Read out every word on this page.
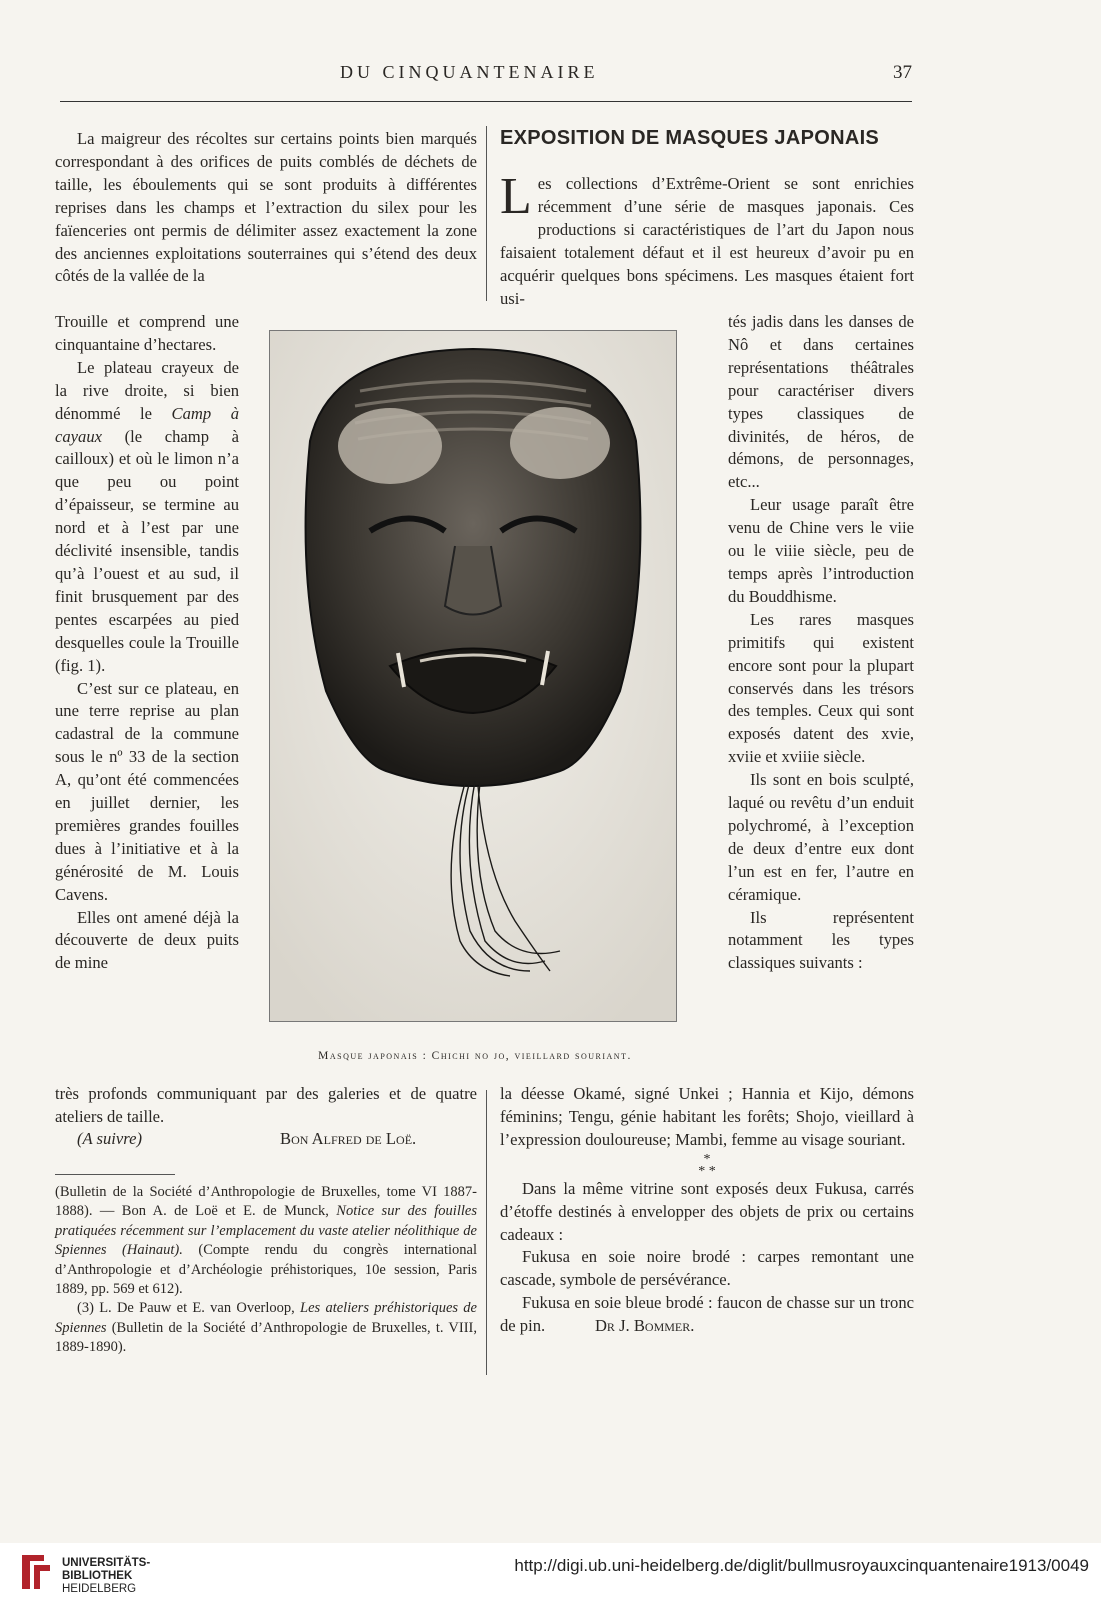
DU CINQUANTENAIRE	37

La maigreur des récoltes sur certains points bien marqués correspondant à des orifices de puits comblés de déchets de taille, les éboulements qui se sont produits à différentes reprises dans les champs et l’extraction du silex pour les faïenceries ont permis de délimiter assez exactement la zone des anciennes exploitations souterraines qui s’étend des deux côtés de la vallée de la

Trouille et comprend une cinquantaine d’hectares.

Le plateau crayeux de la rive droite, si bien dénommé le Camp à cayaux (le champ à cailloux) et où le limon n’a que peu ou point d’épaisseur, se termine au nord et à l’est par une déclivité insensible, tandis qu’à l’ouest et au sud, il finit brusquement par des pentes escarpées au pied desquelles coule la Trouille (fig. 1).

C’est sur ce plateau, en une terre reprise au plan cadastral de la commune sous le nº 33 de la section A, qu’ont été commencées en juillet dernier, les premières grandes fouilles dues à l’initiative et à la générosité de M. Louis Cavens.

Elles ont amené déjà la découverte de deux puits de mine

très profonds communiquant par des galeries et de quatre ateliers de taille.

(A suivre)	Bon Alfred de Loë.

(Bulletin de la Société d’Anthropologie de Bruxelles, tome VI 1887-1888). — Bon A. de Loë et E. de Munck, Notice sur des fouilles pratiquées récemment sur l’emplacement du vaste atelier néolithique de Spiennes (Hainaut). (Compte rendu du congrès international d’Anthropologie et d’Archéologie préhistoriques, 10e session, Paris 1889, pp. 569 et 612).

(3) L. De Pauw et E. van Overloop, Les ateliers préhistoriques de Spiennes (Bulletin de la Société d’Anthropologie de Bruxelles, t. VIII, 1889-1890).

EXPOSITION DE MASQUES JAPONAIS

Les collections d’Extrême-Orient se sont enrichies récemment d’une série de masques japonais. Ces productions si caractéristiques de l’art du Japon nous faisaient totalement défaut et il est heureux d’avoir pu en acquérir quelques bons spécimens. Les masques étaient fort usi-

tés jadis dans les danses de Nô et dans certaines représentations théâtrales pour caractériser divers types classiques de divinités, de héros, de démons, de personnages, etc...

Leur usage paraît être venu de Chine vers le viie ou le viiie siècle, peu de temps après l’introduction du Bouddhisme.

Les rares masques primitifs qui existent encore sont pour la plupart conservés dans les trésors des temples. Ceux qui sont exposés datent des xvie, xviie et xviiie siècle.

Ils sont en bois sculpté, laqué ou revêtu d’un enduit polychromé, à l’exception de deux d’entre eux dont l’un est en fer, l’autre en céramique.

Ils représentent notamment les types classiques suivants :

la déesse Okamé, signé Unkei ; Hannia et Kijo, démons féminins; Tengu, génie habitant les forêts; Shojo, vieillard à l’expression douloureuse; Mambi, femme au visage souriant.

*
* *

Dans la même vitrine sont exposés deux Fukusa, carrés d’étoffe destinés à envelopper des objets de prix ou certains cadeaux :

Fukusa en soie noire brodé : carpes remontant une cascade, symbole de persévérance.

Fukusa en soie bleue brodé : faucon de chasse sur un tronc de pin.	Dr J. Bommer.

Masque japonais : Chichi no jo, vieillard souriant.
UNIVERSITÄTS-
BIBLIOTHEK
HEIDELBERG
http://digi.ub.uni-heidelberg.de/diglit/bullmusroyauxcinquantenaire1913/0049
